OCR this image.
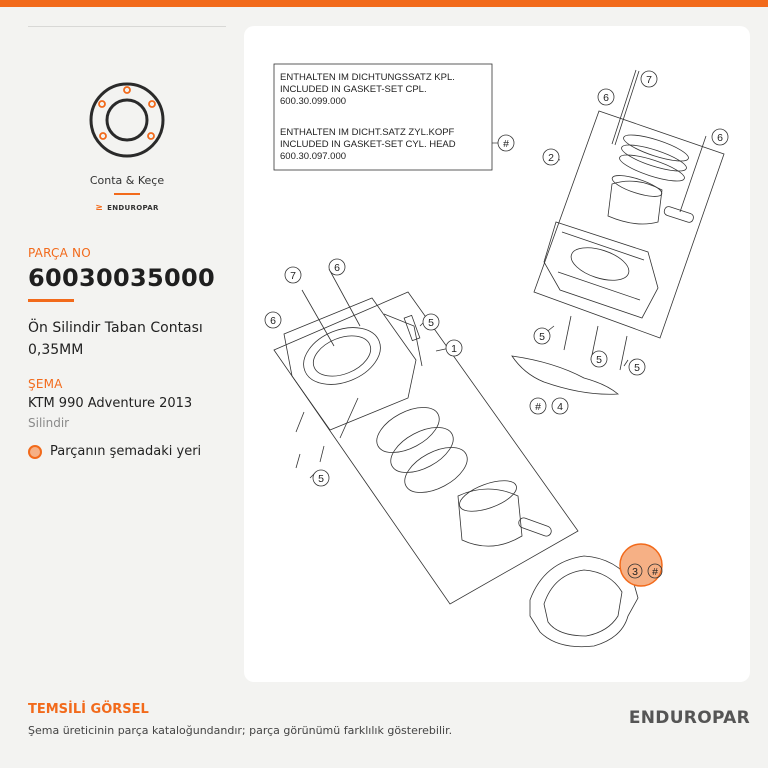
Conta & Keçe
≥ ENDUROPAR
PARÇA NO
60030035000
Ön Silindir Taban Contası 0,35MM
ŞEMA
KTM 990 Adventure 2013
Silindir
Parçanın şemadaki yeri
ENTHALTEN IM DICHTUNGSSATZ KPL.
INCLUDED IN GASKET-SET CPL.
600.30.099.000
ENTHALTEN IM DICHT.SATZ ZYL.KOPF
INCLUDED IN GASKET-SET CYL. HEAD
600.30.097.000
7
6
6
#
2
5
5
5
# 4
7
6
6	5
1
5
3 #
TEMSİLİ GÖRSEL
Şema üreticinin parça kataloğundandır; parça görünümü farklılık gösterebilir.
ENDUROPAR
